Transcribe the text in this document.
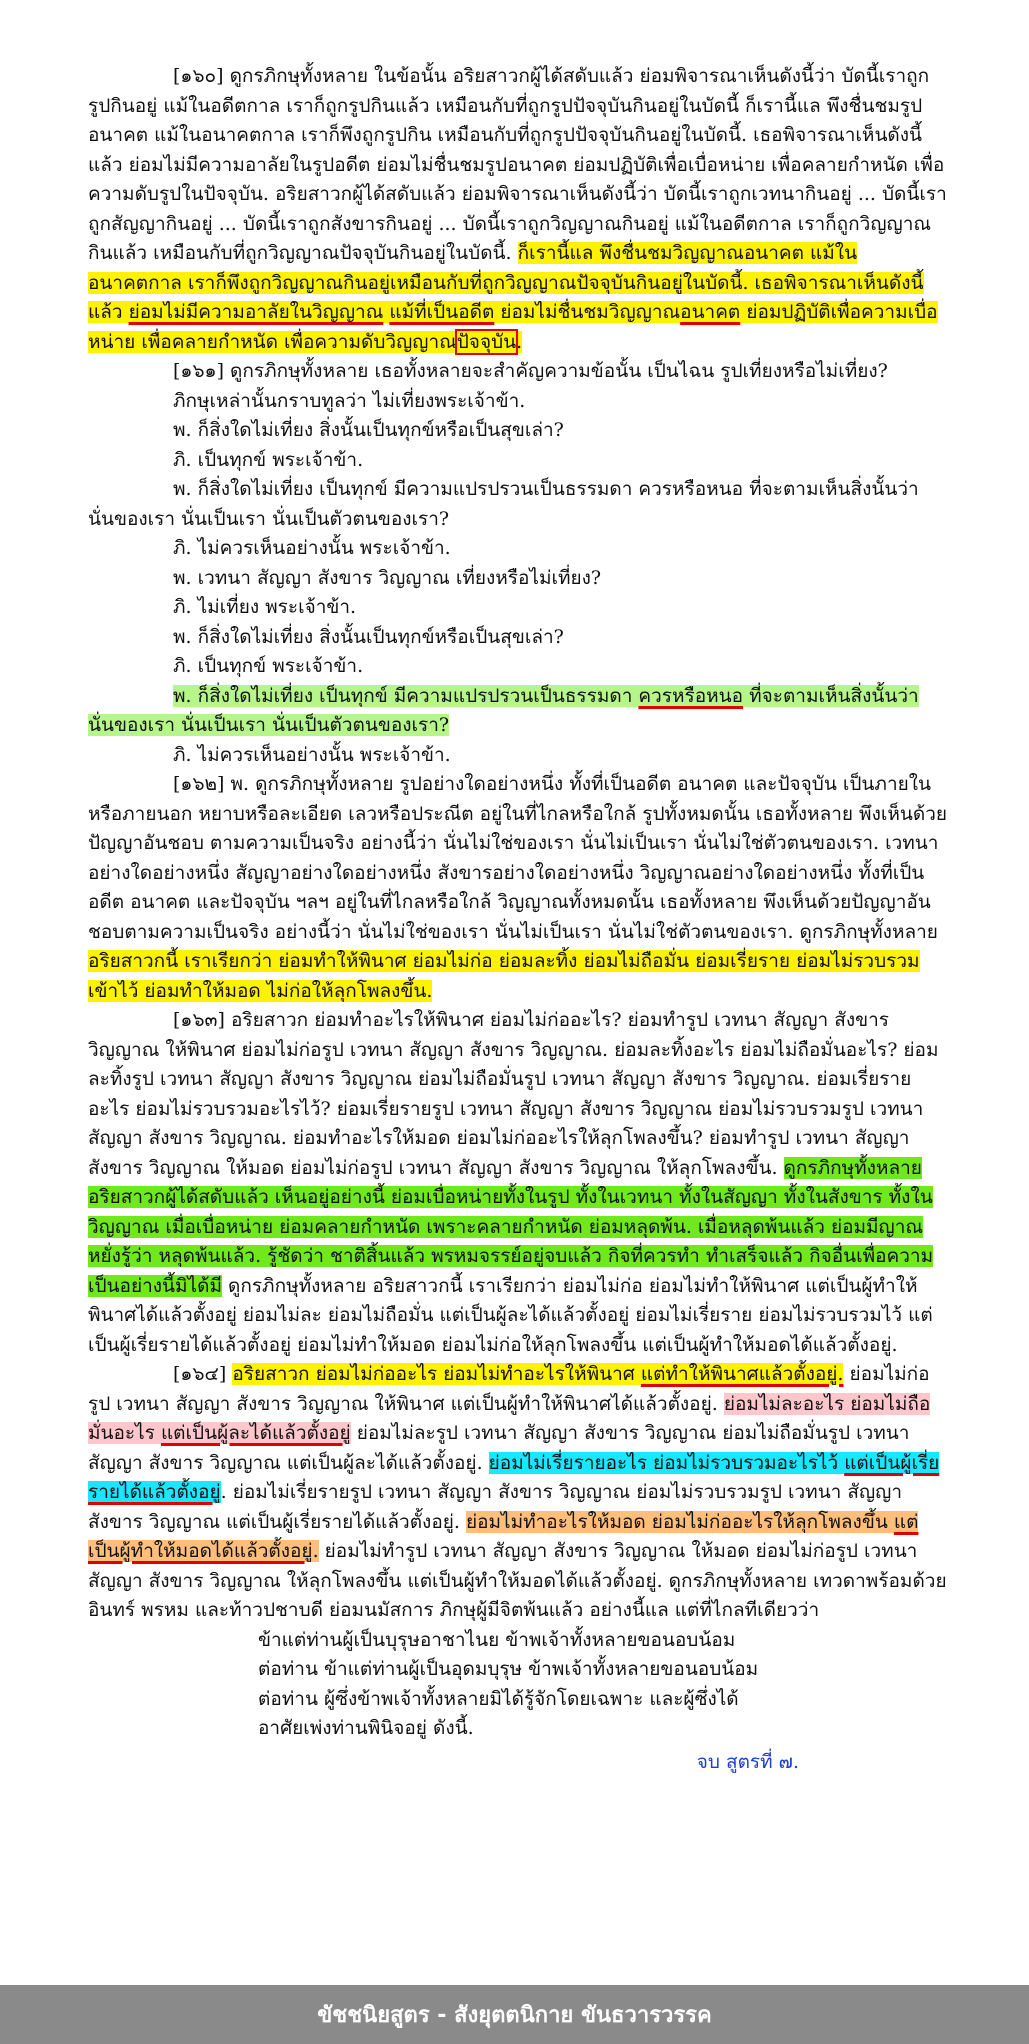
[๑๖๐] ดูกรภิกษุทั้งหลาย ในข้อนั้น อริยสาวกผู้ได้สดับแล้ว ย่อมพิจารณาเห็นดังนี้ว่า บัดนี้เราถูกรูปกินอยู่ แม้ในอดีตกาล เราก็ถูกรูปกินแล้ว เหมือนกับที่ถูกรูปปัจจุบันกินอยู่ในบัดนี้ ก็เรานี้แล พึงชื่นชมรูปอนาคต แม้ในอนาคตกาล เราก็พึงถูกรูปกิน เหมือนกับที่ถูกรูปปัจจุบันกินอยู่ในบัดนี้. เธอพิจารณาเห็นดังนี้แล้ว ย่อมไม่มีความอาลัยในรูปอดีต ย่อมไม่ชื่นชมรูปอนาคต ย่อมปฏิบัติเพื่อเบื่อหน่าย เพื่อคลายกำหนัด เพื่อความดับรูปในปัจจุบัน. อริยสาวกผู้ได้สดับแล้ว ย่อมพิจารณาเห็นดังนี้ว่า บัดนี้เราถูกเวทนากินอยู่ ... บัดนี้เราถูกสัญญากินอยู่ ... บัดนี้เราถูกสังขารกินอยู่ ... บัดนี้เราถูกวิญญาณกินอยู่ แม้ในอดีตกาล เราก็ถูกวิญญาณกินแล้ว เหมือนกับที่ถูกวิญญาณปัจจุบันกินอยู่ในบัดนี้. ก็เรานี้แล พึงชื่นชมวิญญาณอนาคต แม้ในอนาคตกาล เราก็พึงถูกวิญญาณกินอยู่เหมือนกับที่ถูกวิญญาณปัจจุบันกินอยู่ในบัดนี้. เธอพิจารณาเห็นดังนี้แล้ว ย่อมไม่มีความอาลัยในวิญญาณ แม้ที่เป็นอดีต ย่อมไม่ชื่นชมวิญญาณอนาคต ย่อมปฏิบัติเพื่อความเบื่อหน่าย เพื่อคลายกำหนัด เพื่อความดับวิญญาณปัจจุบัน.

[๑๖๑] ดูกรภิกษุทั้งหลาย เธอทั้งหลายจะสำคัญความข้อนั้น เป็นไฉน รูปเที่ยงหรือไม่เที่ยง?

ภิกษุเหล่านั้นกราบทูลว่า ไม่เที่ยงพระเจ้าข้า.

พ. ก็สิ่งใดไม่เที่ยง สิ่งนั้นเป็นทุกข์หรือเป็นสุขเล่า?

ภิ. เป็นทุกข์ พระเจ้าข้า.

พ. ก็สิ่งใดไม่เที่ยง เป็นทุกข์ มีความแปรปรวนเป็นธรรมดา ควรหรือหนอ ที่จะตามเห็นสิ่งนั้นว่า นั่นของเรา นั่นเป็นเรา นั่นเป็นตัวตนของเรา?

ภิ. ไม่ควรเห็นอย่างนั้น พระเจ้าข้า.

พ. เวทนา สัญญา สังขาร วิญญาณ เที่ยงหรือไม่เที่ยง?

ภิ. ไม่เที่ยง พระเจ้าข้า.

พ. ก็สิ่งใดไม่เที่ยง สิ่งนั้นเป็นทุกข์หรือเป็นสุขเล่า?

ภิ. เป็นทุกข์ พระเจ้าข้า.

พ. ก็สิ่งใดไม่เที่ยง เป็นทุกข์ มีความแปรปรวนเป็นธรรมดา ควรหรือหนอ ที่จะตามเห็นสิ่งนั้นว่า นั่นของเรา นั่นเป็นเรา นั่นเป็นตัวตนของเรา?

ภิ. ไม่ควรเห็นอย่างนั้น พระเจ้าข้า.

[๑๖๒] พ. ดูกรภิกษุทั้งหลาย รูปอย่างใดอย่างหนึ่ง ทั้งที่เป็นอดีต อนาคต และปัจจุบัน เป็นภายในหรือภายนอก หยาบหรือละเอียด เลวหรือประณีต อยู่ในที่ไกลหรือใกล้ รูปทั้งหมดนั้น เธอทั้งหลาย พึงเห็นด้วยปัญญาอันชอบ ตามความเป็นจริง อย่างนี้ว่า นั่นไม่ใช่ของเรา นั่นไม่เป็นเรา นั่นไม่ใช่ตัวตนของเรา. เวทนาอย่างใดอย่างหนึ่ง สัญญาอย่างใดอย่างหนึ่ง สังขารอย่างใดอย่างหนึ่ง วิญญาณอย่างใดอย่างหนึ่ง ทั้งที่เป็นอดีต อนาคต และปัจจุบัน ฯลฯ อยู่ในที่ไกลหรือใกล้ วิญญาณทั้งหมดนั้น เธอทั้งหลาย พึงเห็นด้วยปัญญาอันชอบตามความเป็นจริง อย่างนี้ว่า นั่นไม่ใช่ของเรา นั่นไม่เป็นเรา นั่นไม่ใช่ตัวตนของเรา. ดูกรภิกษุทั้งหลาย อริยสาวกนี้ เราเรียกว่า ย่อมทำให้พินาศ ย่อมไม่ก่อ ย่อมละทิ้ง ย่อมไม่ถือมั่น ย่อมเรี่ยราย ย่อมไม่รวบรวมเข้าไว้ ย่อมทำให้มอด ไม่ก่อให้ลุกโพลงขึ้น.

[๑๖๓] อริยสาวก ย่อมทำอะไรให้พินาศ ย่อมไม่ก่ออะไร? ย่อมทำรูป เวทนา สัญญา สังขาร วิญญาณ ให้พินาศ ย่อมไม่ก่อรูป เวทนา สัญญา สังขาร วิญญาณ. ย่อมละทิ้งอะไร ย่อมไม่ถือมั่นอะไร? ย่อมละทิ้งรูป เวทนา สัญญา สังขาร วิญญาณ ย่อมไม่ถือมั่นรูป เวทนา สัญญา สังขาร วิญญาณ. ย่อมเรี่ยรายอะไร ย่อมไม่รวบรวมอะไรไว้? ย่อมเรี่ยรายรูป เวทนา สัญญา สังขาร วิญญาณ ย่อมไม่รวบรวมรูป เวทนา สัญญา สังขาร วิญญาณ. ย่อมทำอะไรให้มอด ย่อมไม่ก่ออะไรให้ลุกโพลงขึ้น? ย่อมทำรูป เวทนา สัญญา สังขาร วิญญาณ ให้มอด ย่อมไม่ก่อรูป เวทนา สัญญา สังขาร วิญญาณ ให้ลุกโพลงขึ้น. ดูกรภิกษุทั้งหลาย อริยสาวกผู้ได้สดับแล้ว เห็นอยู่อย่างนี้ ย่อมเบื่อหน่ายทั้งในรูป ทั้งในเวทนา ทั้งในสัญญา ทั้งในสังขาร ทั้งในวิญญาณ เมื่อเบื่อหน่าย ย่อมคลายกำหนัด เพราะคลายกำหนัด ย่อมหลุดพ้น. เมื่อหลุดพ้นแล้ว ย่อมมีญาณหยั่งรู้ว่า หลุดพ้นแล้ว. รู้ชัดว่า ชาติสิ้นแล้ว พรหมจรรย์อยู่จบแล้ว กิจที่ควรทำ ทำเสร็จแล้ว กิจอื่นเพื่อความเป็นอย่างนี้มิได้มี ดูกรภิกษุทั้งหลาย อริยสาวกนี้ เราเรียกว่า ย่อมไม่ก่อ ย่อมไม่ทำให้พินาศ แต่เป็นผู้ทำให้พินาศได้แล้วตั้งอยู่ ย่อมไม่ละ ย่อมไม่ถือมั่น แต่เป็นผู้ละได้แล้วตั้งอยู่ ย่อมไม่เรี่ยราย ย่อมไม่รวบรวมไว้ แต่เป็นผู้เรี่ยรายได้แล้วตั้งอยู่ ย่อมไม่ทำให้มอด ย่อมไม่ก่อให้ลุกโพลงขึ้น แต่เป็นผู้ทำให้มอดได้แล้วตั้งอยู่.

[๑๖๔] อริยสาวก ย่อมไม่ก่ออะไร ย่อมไม่ทำอะไรให้พินาศ แต่ทำให้พินาศแล้วตั้งอยู่. ย่อมไม่ก่อรูป เวทนา สัญญา สังขาร วิญญาณ ให้พินาศ แต่เป็นผู้ทำให้พินาศได้แล้วตั้งอยู่. ย่อมไม่ละอะไร ย่อมไม่ถือมั่นอะไร แต่เป็นผู้ละได้แล้วตั้งอยู่ ย่อมไม่ละรูป เวทนา สัญญา สังขาร วิญญาณ ย่อมไม่ถือมั่นรูป เวทนา สัญญา สังขาร วิญญาณ แต่เป็นผู้ละได้แล้วตั้งอยู่. ย่อมไม่เรี่ยรายอะไร ย่อมไม่รวบรวมอะไรไว้ แต่เป็นผู้เรี่ยรายได้แล้วตั้งอยู่. ย่อมไม่เรี่ยรายรูป เวทนา สัญญา สังขาร วิญญาณ ย่อมไม่รวบรวมรูป เวทนา สัญญา สังขาร วิญญาณ แต่เป็นผู้เรี่ยรายได้แล้วตั้งอยู่. ย่อมไม่ทำอะไรให้มอด ย่อมไม่ก่ออะไรให้ลุกโพลงขึ้น แต่เป็นผู้ทำให้มอดได้แล้วตั้งอยู่. ย่อมไม่ทำรูป เวทนา สัญญา สังขาร วิญญาณ ให้มอด ย่อมไม่ก่อรูป เวทนา สัญญา สังขาร วิญญาณ ให้ลุกโพลงขึ้น แต่เป็นผู้ทำให้มอดได้แล้วตั้งอยู่. ดูกรภิกษุทั้งหลาย เทวดาพร้อมด้วยอินทร์ พรหม และท้าวปชาบดี ย่อมนมัสการ ภิกษุผู้มีจิตพ้นแล้ว อย่างนี้แล แต่ที่ไกลทีเดียวว่า

ข้าแต่ท่านผู้เป็นบุรุษอาชาไนย ข้าพเจ้าทั้งหลายขอนอบน้อม

ต่อท่าน ข้าแต่ท่านผู้เป็นอุดมบุรุษ ข้าพเจ้าทั้งหลายขอนอบน้อม

ต่อท่าน ผู้ซึ่งข้าพเจ้าทั้งหลายมิได้รู้จักโดยเฉพาะ และผู้ซึ่งได้

อาศัยเพ่งท่านพินิจอยู่ ดังนี้.

จบ สูตรที่ ๗.

ขัชชนิยสูตร - สังยุตตนิกาย ขันธวารวรรค
